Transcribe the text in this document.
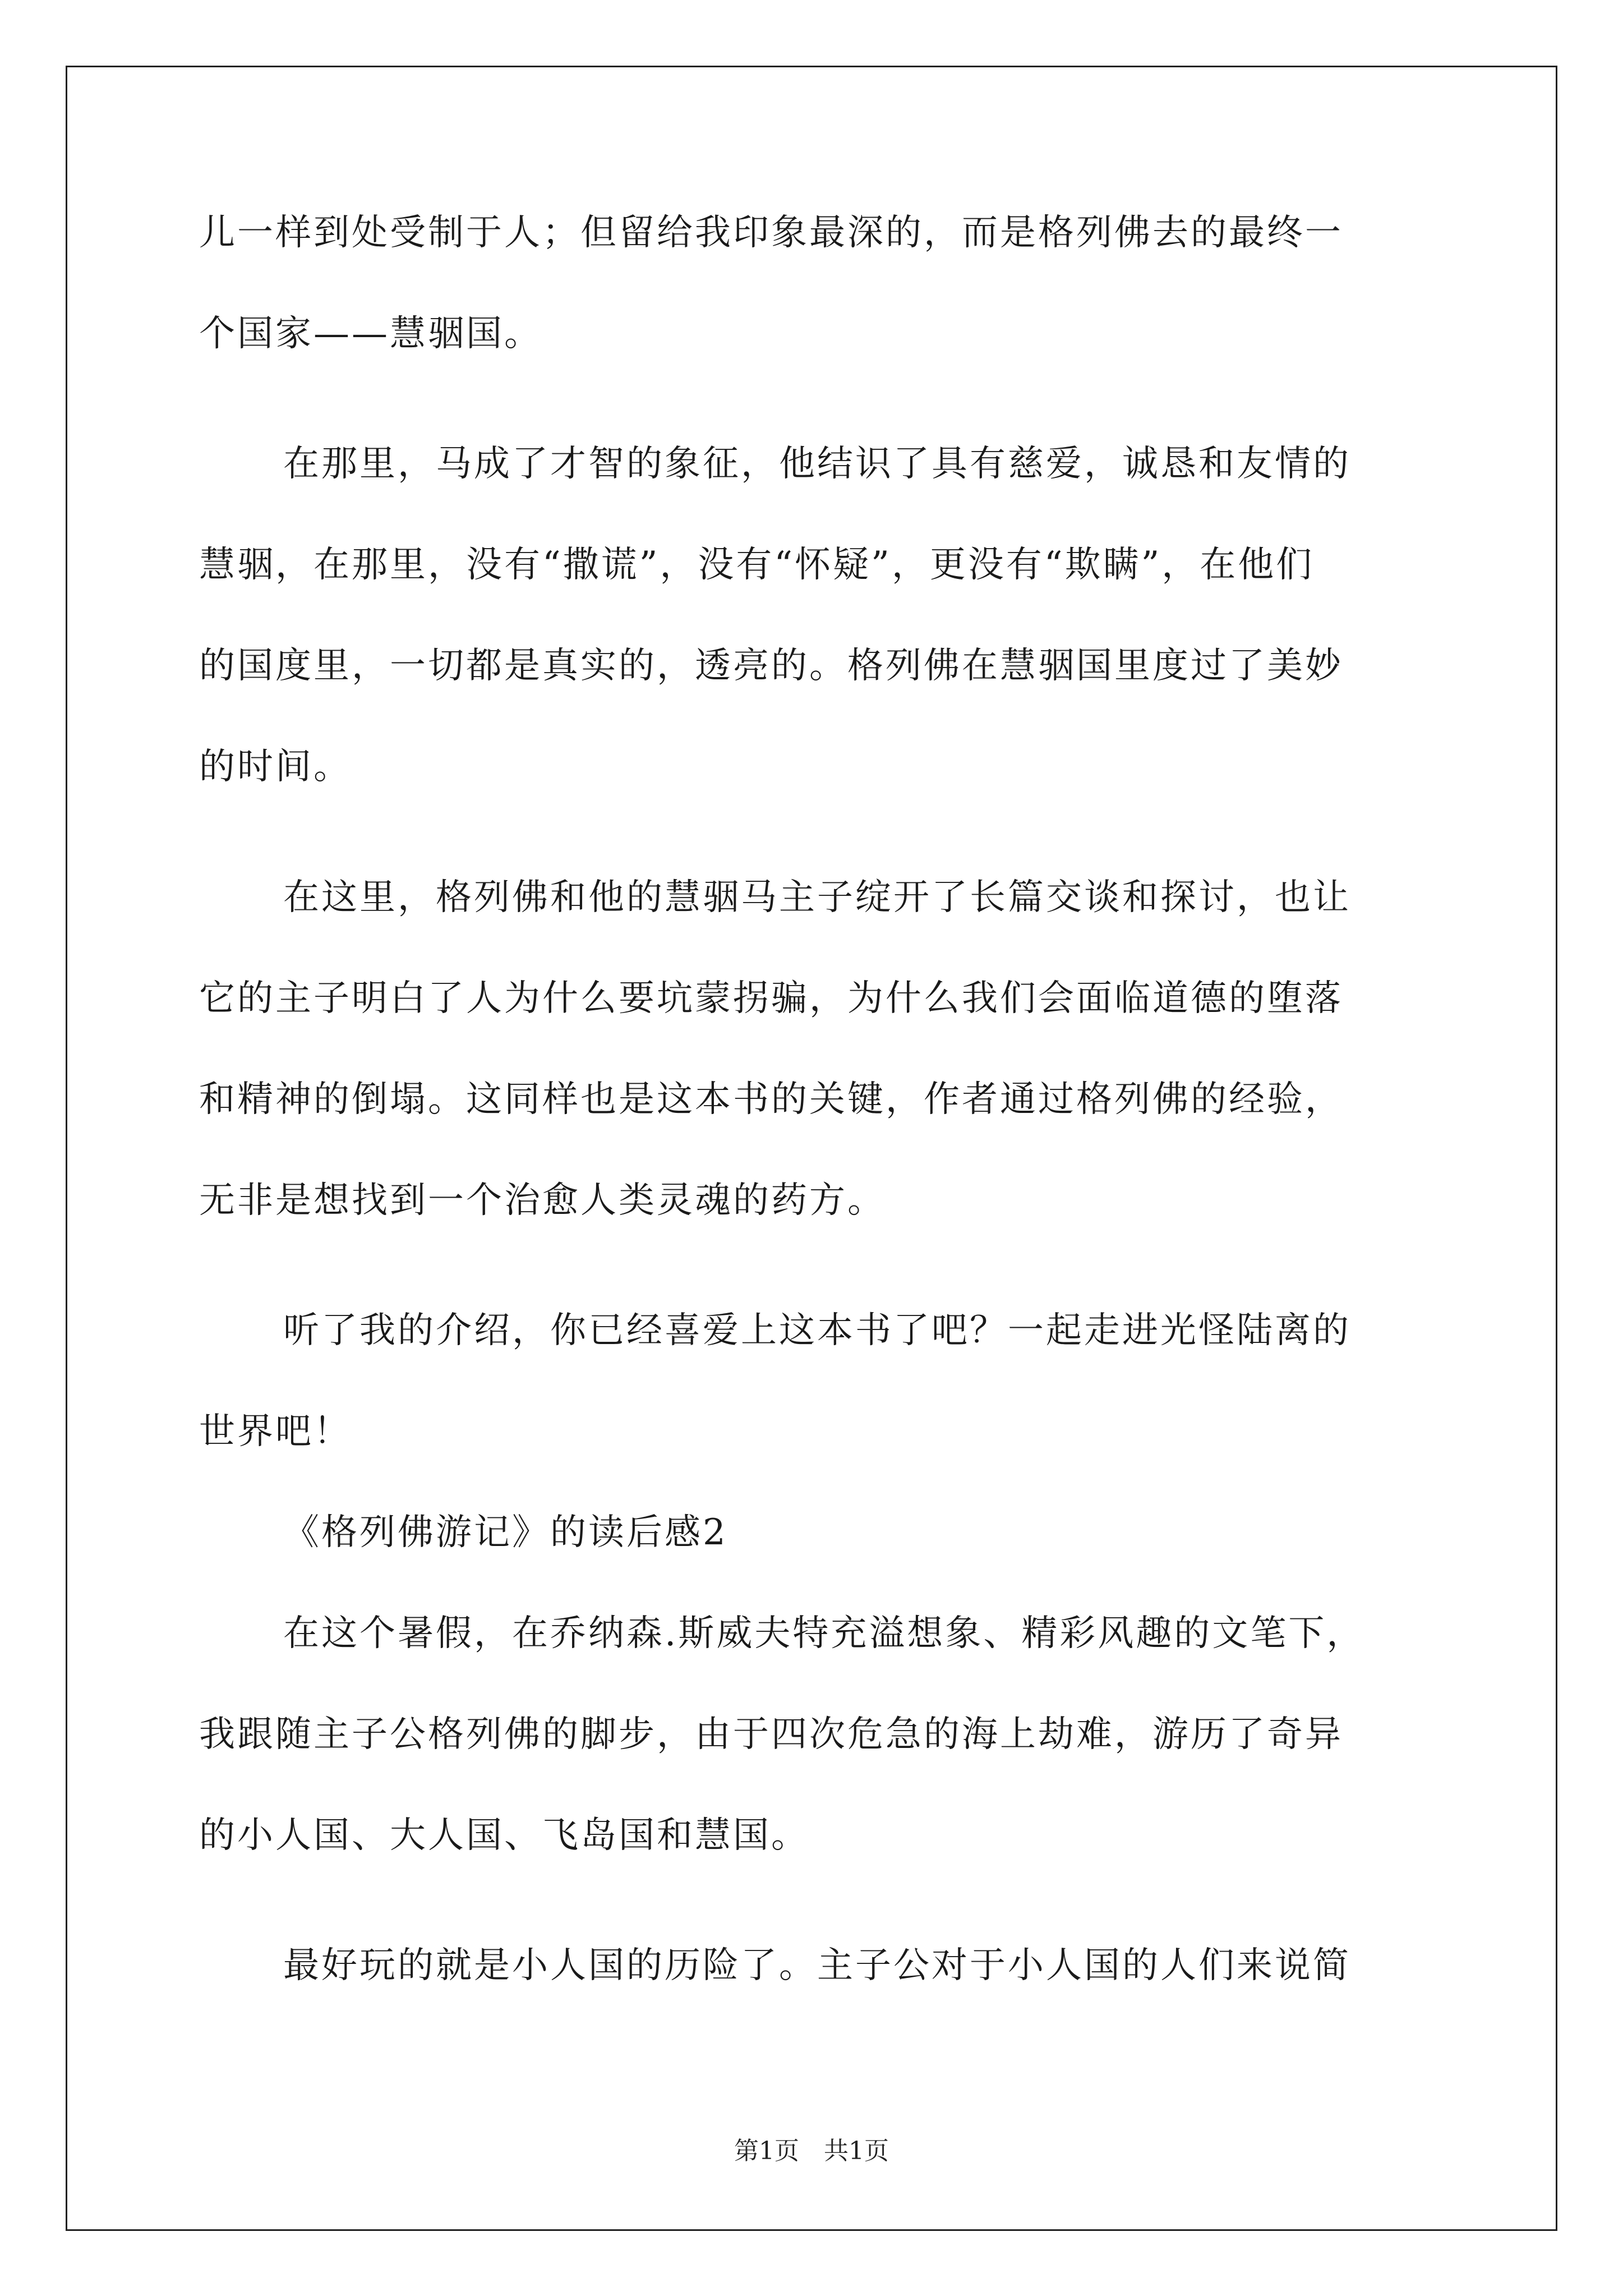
儿一样到处受制于人；但留给我印象最深的，而是格列佛去的最终一
个国家——慧骃国。
在那里，马成了才智的象征，他结识了具有慈爱，诚恳和友情的
慧骃，在那里，没有“撒谎”，没有“怀疑”，更没有“欺瞒”，在他们
的国度里，一切都是真实的，透亮的。格列佛在慧骃国里度过了美妙
的时间。
在这里，格列佛和他的慧骃马主子绽开了长篇交谈和探讨，也让
它的主子明白了人为什么要坑蒙拐骗，为什么我们会面临道德的堕落
和精神的倒塌。这同样也是这本书的关键，作者通过格列佛的经验，
无非是想找到一个治愈人类灵魂的药方。
听了我的介绍，你已经喜爱上这本书了吧？一起走进光怪陆离的
世界吧！
《格列佛游记》的读后感2
在这个暑假，在乔纳森.斯威夫特充溢想象、精彩风趣的文笔下，
我跟随主子公格列佛的脚步，由于四次危急的海上劫难，游历了奇异
的小人国、大人国、飞岛国和慧国。
最好玩的就是小人国的历险了。主子公对于小人国的人们来说简
第1页　共1页
